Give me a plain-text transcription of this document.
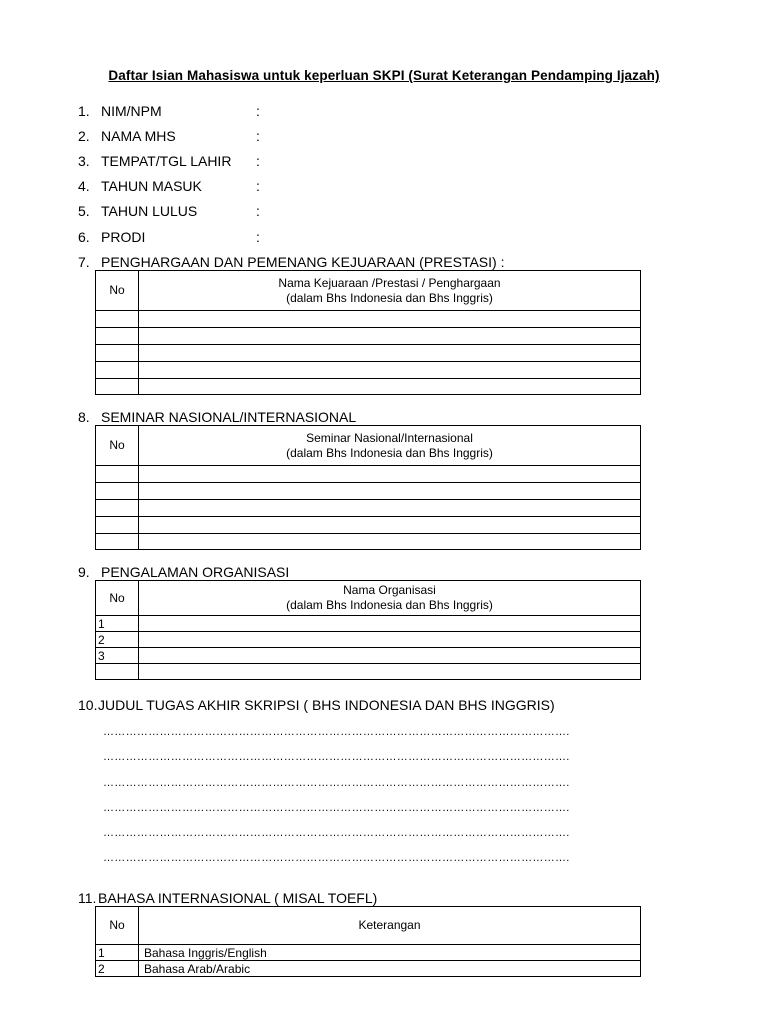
Daftar Isian Mahasiswa untuk keperluan SKPI (Surat Keterangan Pendamping Ijazah)
1. NIM/NPM	:
2. NAMA MHS	:
3. TEMPAT/TGL LAHIR :
4. TAHUN MASUK	:
5. TAHUN LULUS	:
6. PRODI	:
7. PENGHARGAAN DAN PEMENANG KEJUARAAN (PRESTASI) :
No	Nama Kejuaraan /Prestasi / Penghargaan
(dalam Bhs Indonesia dan Bhs Inggris)

8. SEMINAR NASIONAL/INTERNASIONAL
No	Seminar Nasional/Internasional
(dalam Bhs Indonesia dan Bhs Inggris)

9. PENGALAMAN ORGANISASI
No	Nama Organisasi
(dalam Bhs Indonesia dan Bhs Inggris)

1	
2	
3	

10.JUDUL TUGAS AKHIR SKRIPSI ( BHS INDONESIA DAN BHS INGGRIS)
…………………………………………………………………………………………………………….
…………………………………………………………………………………………………………….
…………………………………………………………………………………………………………….
…………………………………………………………………………………………………………….
…………………………………………………………………………………………………………….
…………………………………………………………………………………………………………….
11. BAHASA INTERNASIONAL ( MISAL TOEFL)
No	Keterangan
1	Bahasa Inggris/English
2	Bahasa Arab/Arabic
